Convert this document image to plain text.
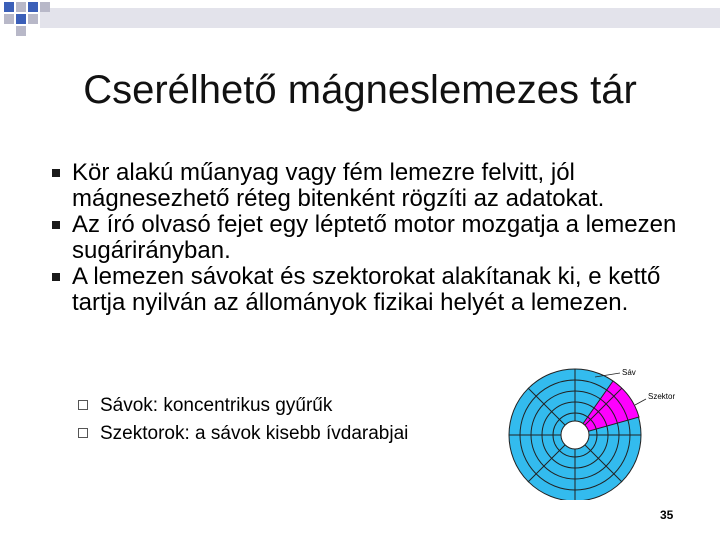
Cserélhető mágneslemezes tár
Kör alakú műanyag vagy fém lemezre felvitt, jól mágnesezhető réteg bitenként rögzíti az adatokat.
Az író olvasó fejet egy léptető motor mozgatja a lemezen sugárirányban.
A lemezen sávokat és szektorokat alakítanak ki, e kettő tartja nyilván az állományok fizikai helyét a lemezen.
Sávok: koncentrikus gyűrűk
Szektorok: a sávok kisebb ívdarabjai
Sáv
Szektor
35
